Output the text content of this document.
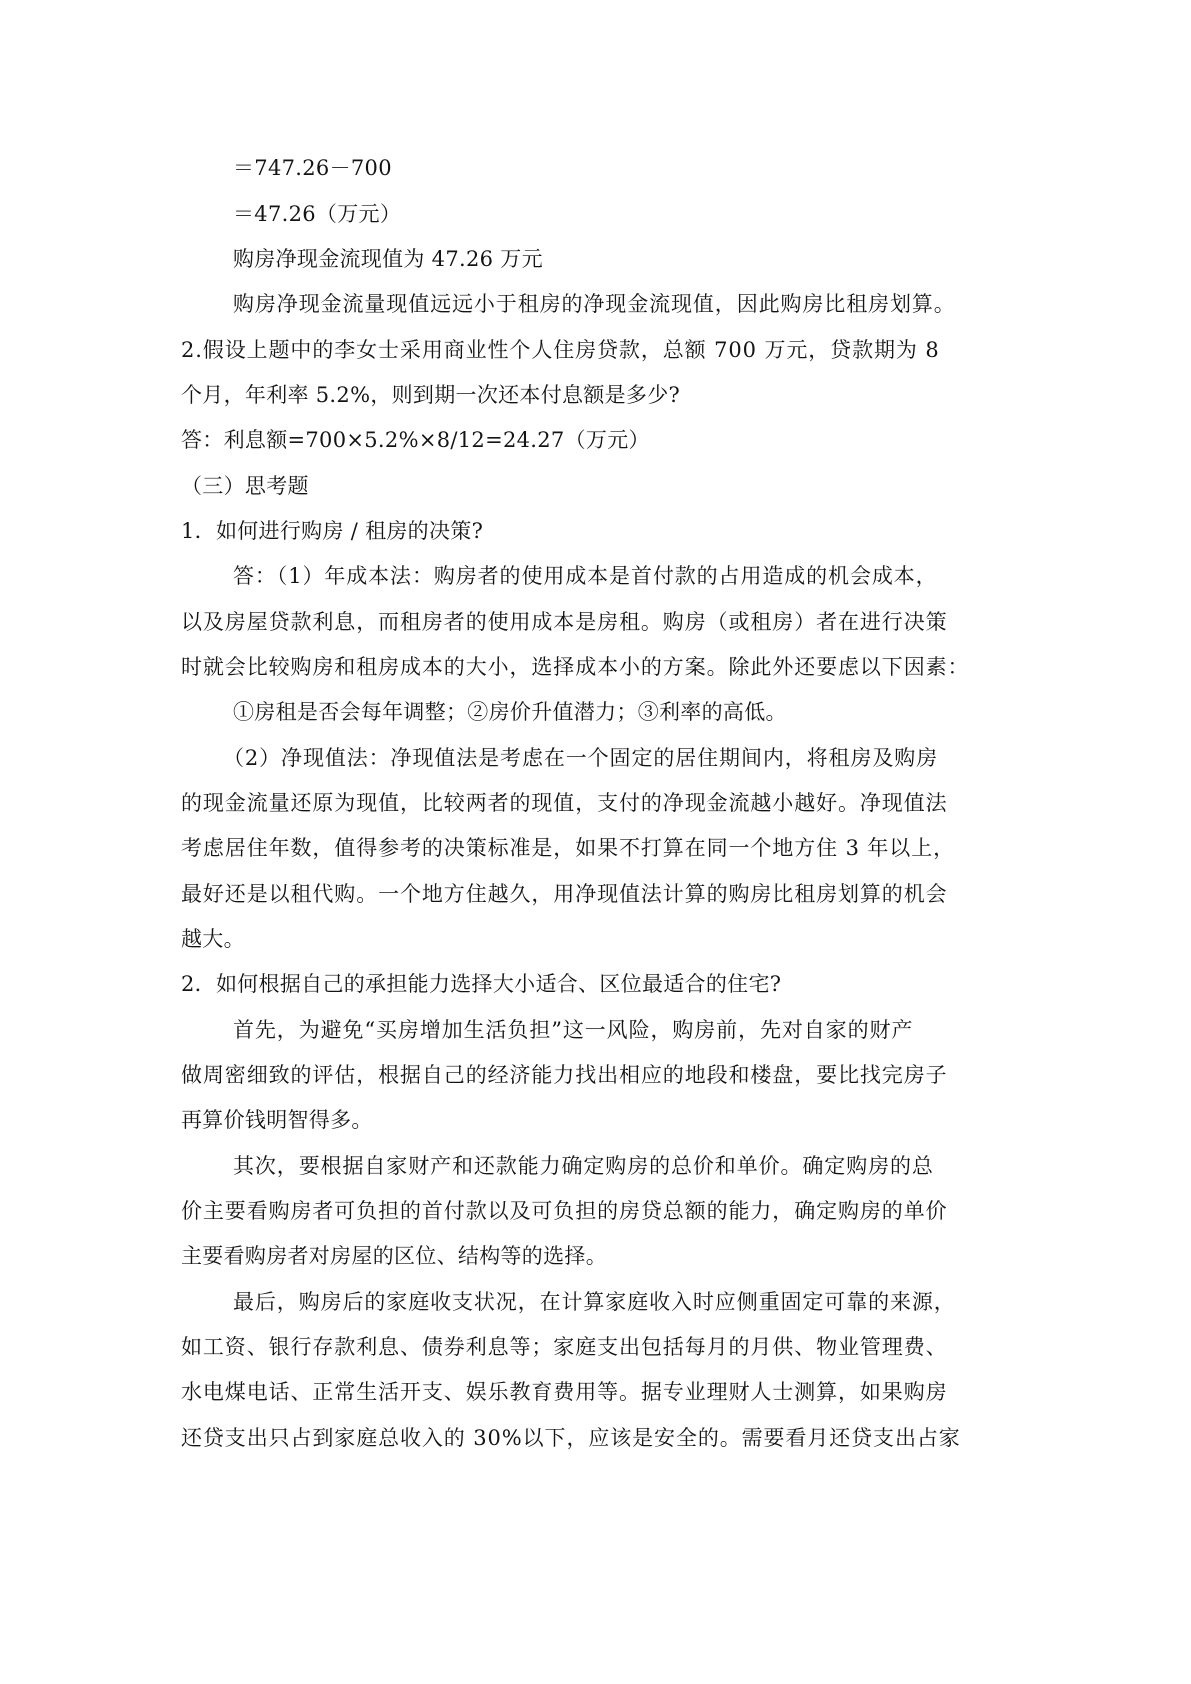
＝747.26－700
＝47.26（万元）
购房净现金流现值为 47.26 万元
购房净现金流量现值远远小于租房的净现金流现值，因此购房比租房划算。
2.假设上题中的李女士采用商业性个人住房贷款，总额 700 万元，贷款期为 8
个月，年利率 5.2%，则到期一次还本付息额是多少?
答：利息额=700×5.2%×8/12=24.27（万元）
（三）思考题
1．如何进行购房 / 租房的决策?
答：（1）年成本法：购房者的使用成本是首付款的占用造成的机会成本，
以及房屋贷款利息，而租房者的使用成本是房租。购房（或租房）者在进行决策
时就会比较购房和租房成本的大小，选择成本小的方案。除此外还要虑以下因素：
①房租是否会每年调整；②房价升值潜力；③利率的高低。
（2）净现值法：净现值法是考虑在一个固定的居住期间内，将租房及购房
的现金流量还原为现值，比较两者的现值，支付的净现金流越小越好。净现值法
考虑居住年数，值得参考的决策标准是，如果不打算在同一个地方住 3 年以上，
最好还是以租代购。一个地方住越久，用净现值法计算的购房比租房划算的机会
越大。
2．如何根据自己的承担能力选择大小适合、区位最适合的住宅?
首先，为避免“买房增加生活负担”这一风险，购房前，先对自家的财产
做周密细致的评估，根据自己的经济能力找出相应的地段和楼盘，要比找完房子
再算价钱明智得多。
其次，要根据自家财产和还款能力确定购房的总价和单价。确定购房的总
价主要看购房者可负担的首付款以及可负担的房贷总额的能力，确定购房的单价
主要看购房者对房屋的区位、结构等的选择。
最后，购房后的家庭收支状况，在计算家庭收入时应侧重固定可靠的来源，
如工资、银行存款利息、债券利息等；家庭支出包括每月的月供、物业管理费、
水电煤电话、正常生活开支、娱乐教育费用等。据专业理财人士测算，如果购房
还贷支出只占到家庭总收入的 30%以下，应该是安全的。需要看月还贷支出占家
